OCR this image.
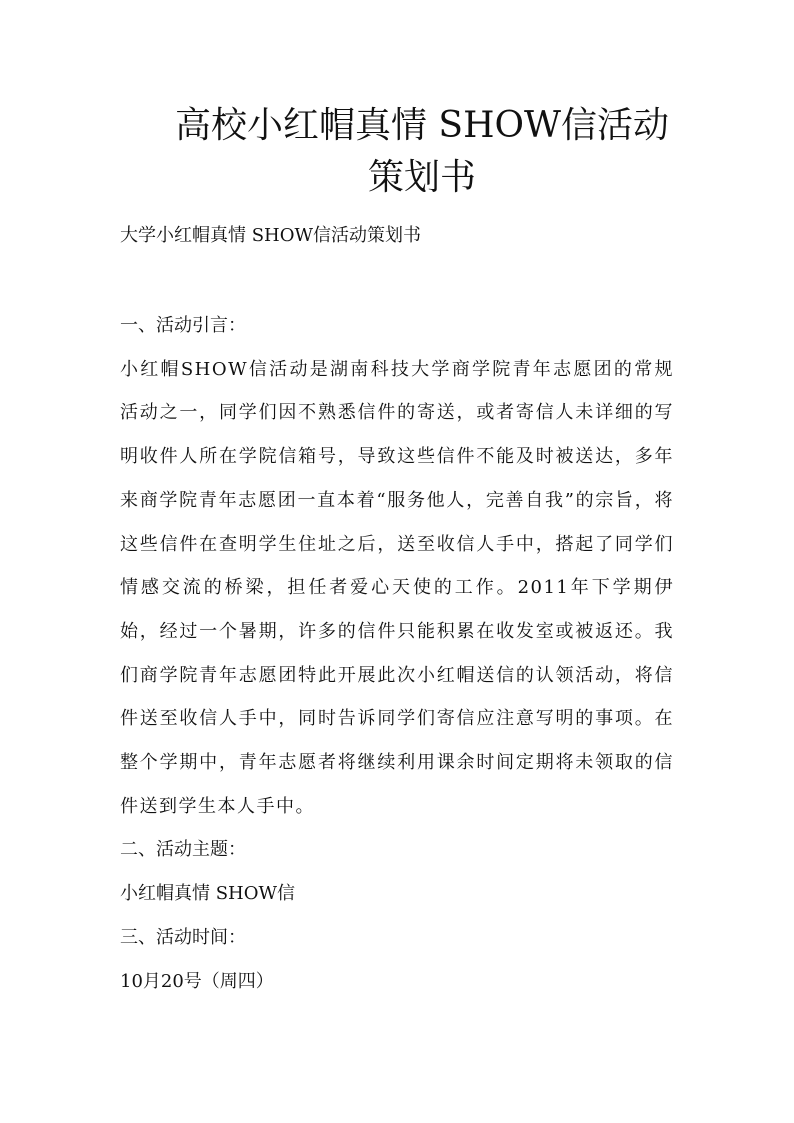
高校小红帽真情 SHOW信活动
策划书

大学小红帽真情 SHOW信活动策划书

一、活动引言：

小红帽SHOW信活动是湖南科技大学商学院青年志愿团的常规活动之一，同学们因不熟悉信件的寄送，或者寄信人未详细的写明收件人所在学院信箱号，导致这些信件不能及时被送达，多年来商学院青年志愿团一直本着“服务他人，完善自我”的宗旨，将这些信件在查明学生住址之后，送至收信人手中，搭起了同学们情感交流的桥梁，担任者爱心天使的工作。2011年下学期伊始，经过一个暑期，许多的信件只能积累在收发室或被返还。我们商学院青年志愿团特此开展此次小红帽送信的认领活动，将信件送至收信人手中，同时告诉同学们寄信应注意写明的事项。在整个学期中，青年志愿者将继续利用课余时间定期将未领取的信件送到学生本人手中。

二、活动主题：

小红帽真情 SHOW信

三、活动时间：

10月20号（周四）
